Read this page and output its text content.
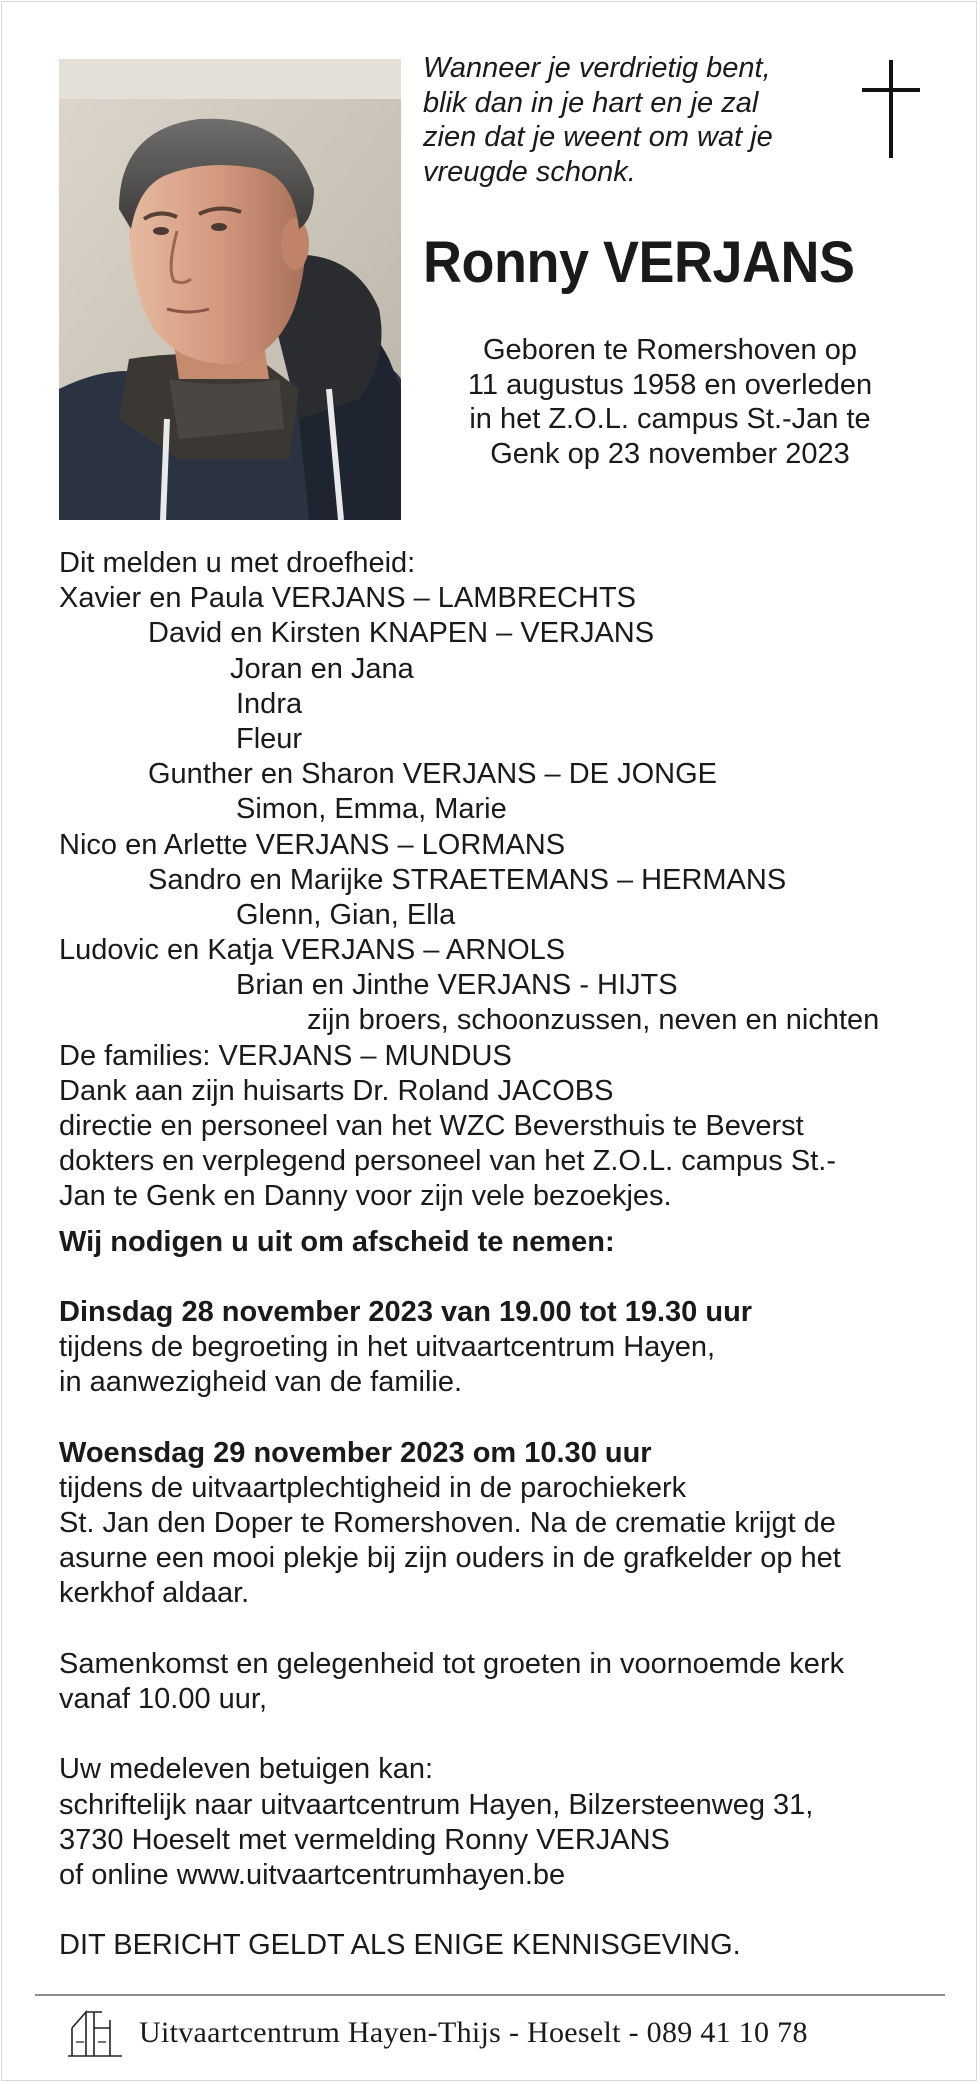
Wanneer je verdrietig bent,
blik dan in je hart en je zal
zien dat je weent om wat je
vreugde schonk.
Ronny VERJANS
Geboren te Romershoven op
11 augustus 1958 en overleden
in het Z.O.L. campus St.-Jan te
Genk op 23 november 2023
Dit melden u met droefheid:
Xavier en Paula VERJANS – LAMBRECHTS
David en Kirsten KNAPEN – VERJANS
Joran en Jana
Indra
Fleur
Gunther en Sharon VERJANS – DE JONGE
Simon, Emma, Marie
Nico en Arlette VERJANS – LORMANS
Sandro en Marijke STRAETEMANS – HERMANS
Glenn, Gian, Ella
Ludovic en Katja VERJANS – ARNOLS
Brian en Jinthe VERJANS - HIJTS
zijn broers, schoonzussen, neven en nichten
De families: VERJANS – MUNDUS
Dank aan zijn huisarts Dr. Roland JACOBS
directie en personeel van het WZC Beversthuis te Beverst
dokters en verplegend personeel van het Z.O.L. campus St.-
Jan te Genk en Danny voor zijn vele bezoekjes.
Wij nodigen u uit om afscheid te nemen:
Dinsdag 28 november 2023 van 19.00 tot 19.30 uur
tijdens de begroeting in het uitvaartcentrum Hayen,
in aanwezigheid van de familie.
Woensdag 29 november 2023 om 10.30 uur
tijdens de uitvaartplechtigheid in de parochiekerk
St. Jan den Doper te Romershoven. Na de crematie krijgt de
asurne een mooi plekje bij zijn ouders in de grafkelder op het
kerkhof aldaar.
Samenkomst en gelegenheid tot groeten in voornoemde kerk
vanaf 10.00 uur,
Uw medeleven betuigen kan:
schriftelijk naar uitvaartcentrum Hayen, Bilzersteenweg 31,
3730 Hoeselt met vermelding Ronny VERJANS
of online www.uitvaartcentrumhayen.be
DIT BERICHT GELDT ALS ENIGE KENNISGEVING.
Uitvaartcentrum Hayen-Thijs - Hoeselt - 089 41 10 78
